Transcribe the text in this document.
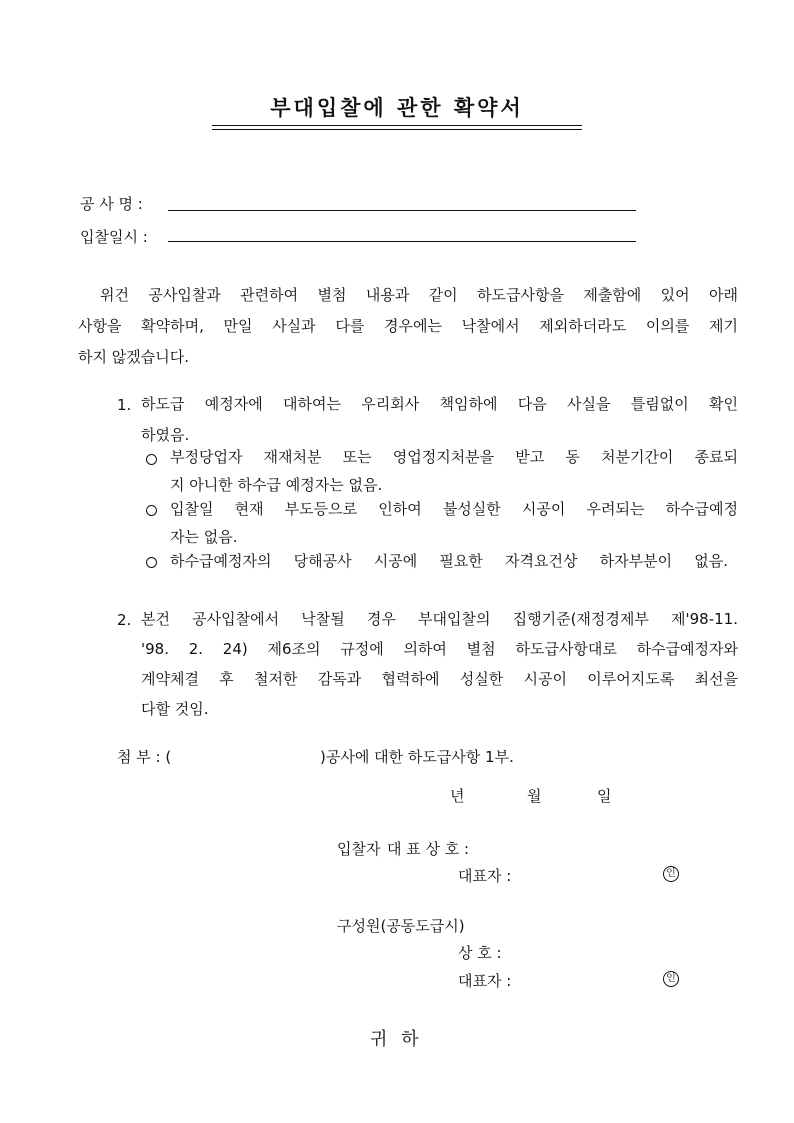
부대입찰에 관한 확약서
공 사 명 :
입찰일시 :
위건 공사입찰과 관련하여 별첨 내용과 같이 하도급사항을 제출함에 있어 아래
사항을 확약하며, 만일 사실과 다를 경우에는 낙찰에서 제외하더라도 이의를 제기
하지 않겠습니다.
1. 하도급 예정자에 대하여는 우리회사 책임하에 다음 사실을 틀림없이 확인
하였음.
부정당업자 재재처분 또는 영업정지처분을 받고 동 처분기간이 종료되
지 아니한 하수급 예정자는 없음.
입찰일 현재 부도등으로 인하여 불성실한 시공이 우려되는 하수급예정
자는 없음.
하수급예정자의 당해공사 시공에 필요한 자격요건상 하자부분이 없음.
2. 본건 공사입찰에서 낙찰될 경우 부대입찰의 집행기준(재정경제부 제'98-11.
'98. 2. 24) 제6조의 규정에 의하여 별첨 하도급사항대로 하수급예정자와
계약체결 후 철저한 감독과 협력하에 성실한 시공이 이루어지도록 최선을
다할 것임.
첨 부 : (	)공사에 대한 하도급사항 1부.
년	월	일
입찰자 대 표 상 호 :
대표자 :	인
구성원(공동도급시)
상 호 :
대표자 :	인
귀 하
